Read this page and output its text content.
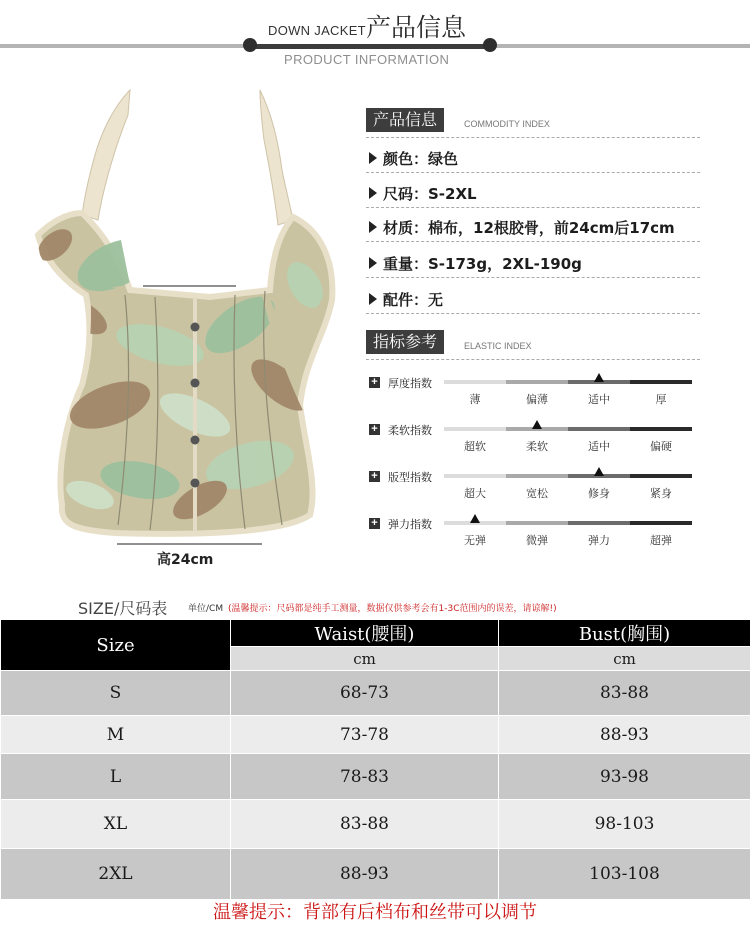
DOWN JACKET 产品信息
PRODUCT INFORMATION
高24cm
产品信息	COMMODITY INDEX
颜色：绿色
尺码：S-2XL
材质：棉布，12根胶骨，前24cm后17cm
重量：S-173g，2XL-190g
配件：无
指标参考	ELASTIC INDEX
+ 厚度指数
薄	偏薄	适中	厚
+ 柔软指数
超软	柔软	适中	偏硬
+ 版型指数
超大	宽松	修身	紧身
+ 弹力指数
无弹	微弹	弹力	超弹
SIZE/尺码表 单位/CM (温馨提示：尺码都是纯手工测量，数据仅供参考会有1-3C范围内的误差，请谅解!)
Size	Waist(腰围)	Bust(胸围)
	cm	cm
S	68-73	83-88
M	73-78	88-93
L	78-83	93-98
XL	83-88	98-103
2XL	88-93	103-108
温馨提示：背部有后档布和丝带可以调节
